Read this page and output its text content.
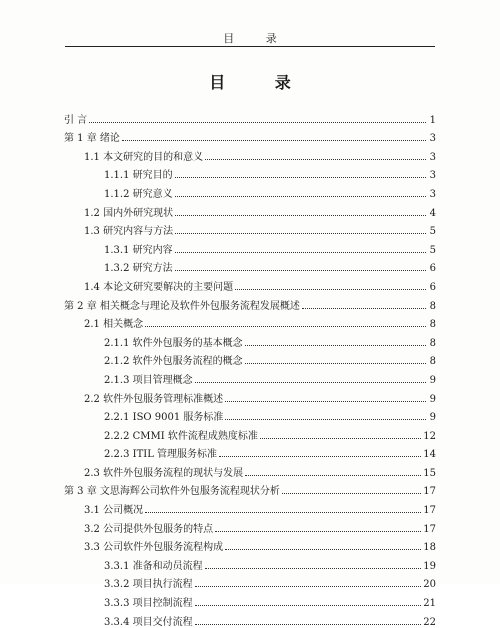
目 录
目 录
引 言	1
第 1 章 绪论	3
1.1 本文研究的目的和意义	3
1.1.1 研究目的	3
1.1.2 研究意义	3
1.2 国内外研究现状	4
1.3 研究内容与方法	5
1.3.1 研究内容	5
1.3.2 研究方法	6
1.4 本论文研究要解决的主要问题	6
第 2 章 相关概念与理论及软件外包服务流程发展概述	8
2.1 相关概念	8
2.1.1 软件外包服务的基本概念	8
2.1.2 软件外包服务流程的概念	8
2.1.3 项目管理概念	9
2.2 软件外包服务管理标准概述	9
2.2.1 ISO 9001 服务标准	9
2.2.2 CMMI 软件流程成熟度标准	12
2.2.3 ITIL 管理服务标准	14
2.3 软件外包服务流程的现状与发展	15
第 3 章 文思海辉公司软件外包服务流程现状分析	17
3.1 公司概况	17
3.2 公司提供外包服务的特点	17
3.3 公司软件外包服务流程构成	18
3.3.1 准备和动员流程	19
3.3.2 项目执行流程	20
3.3.3 项目控制流程	21
3.3.4 项目交付流程	22
